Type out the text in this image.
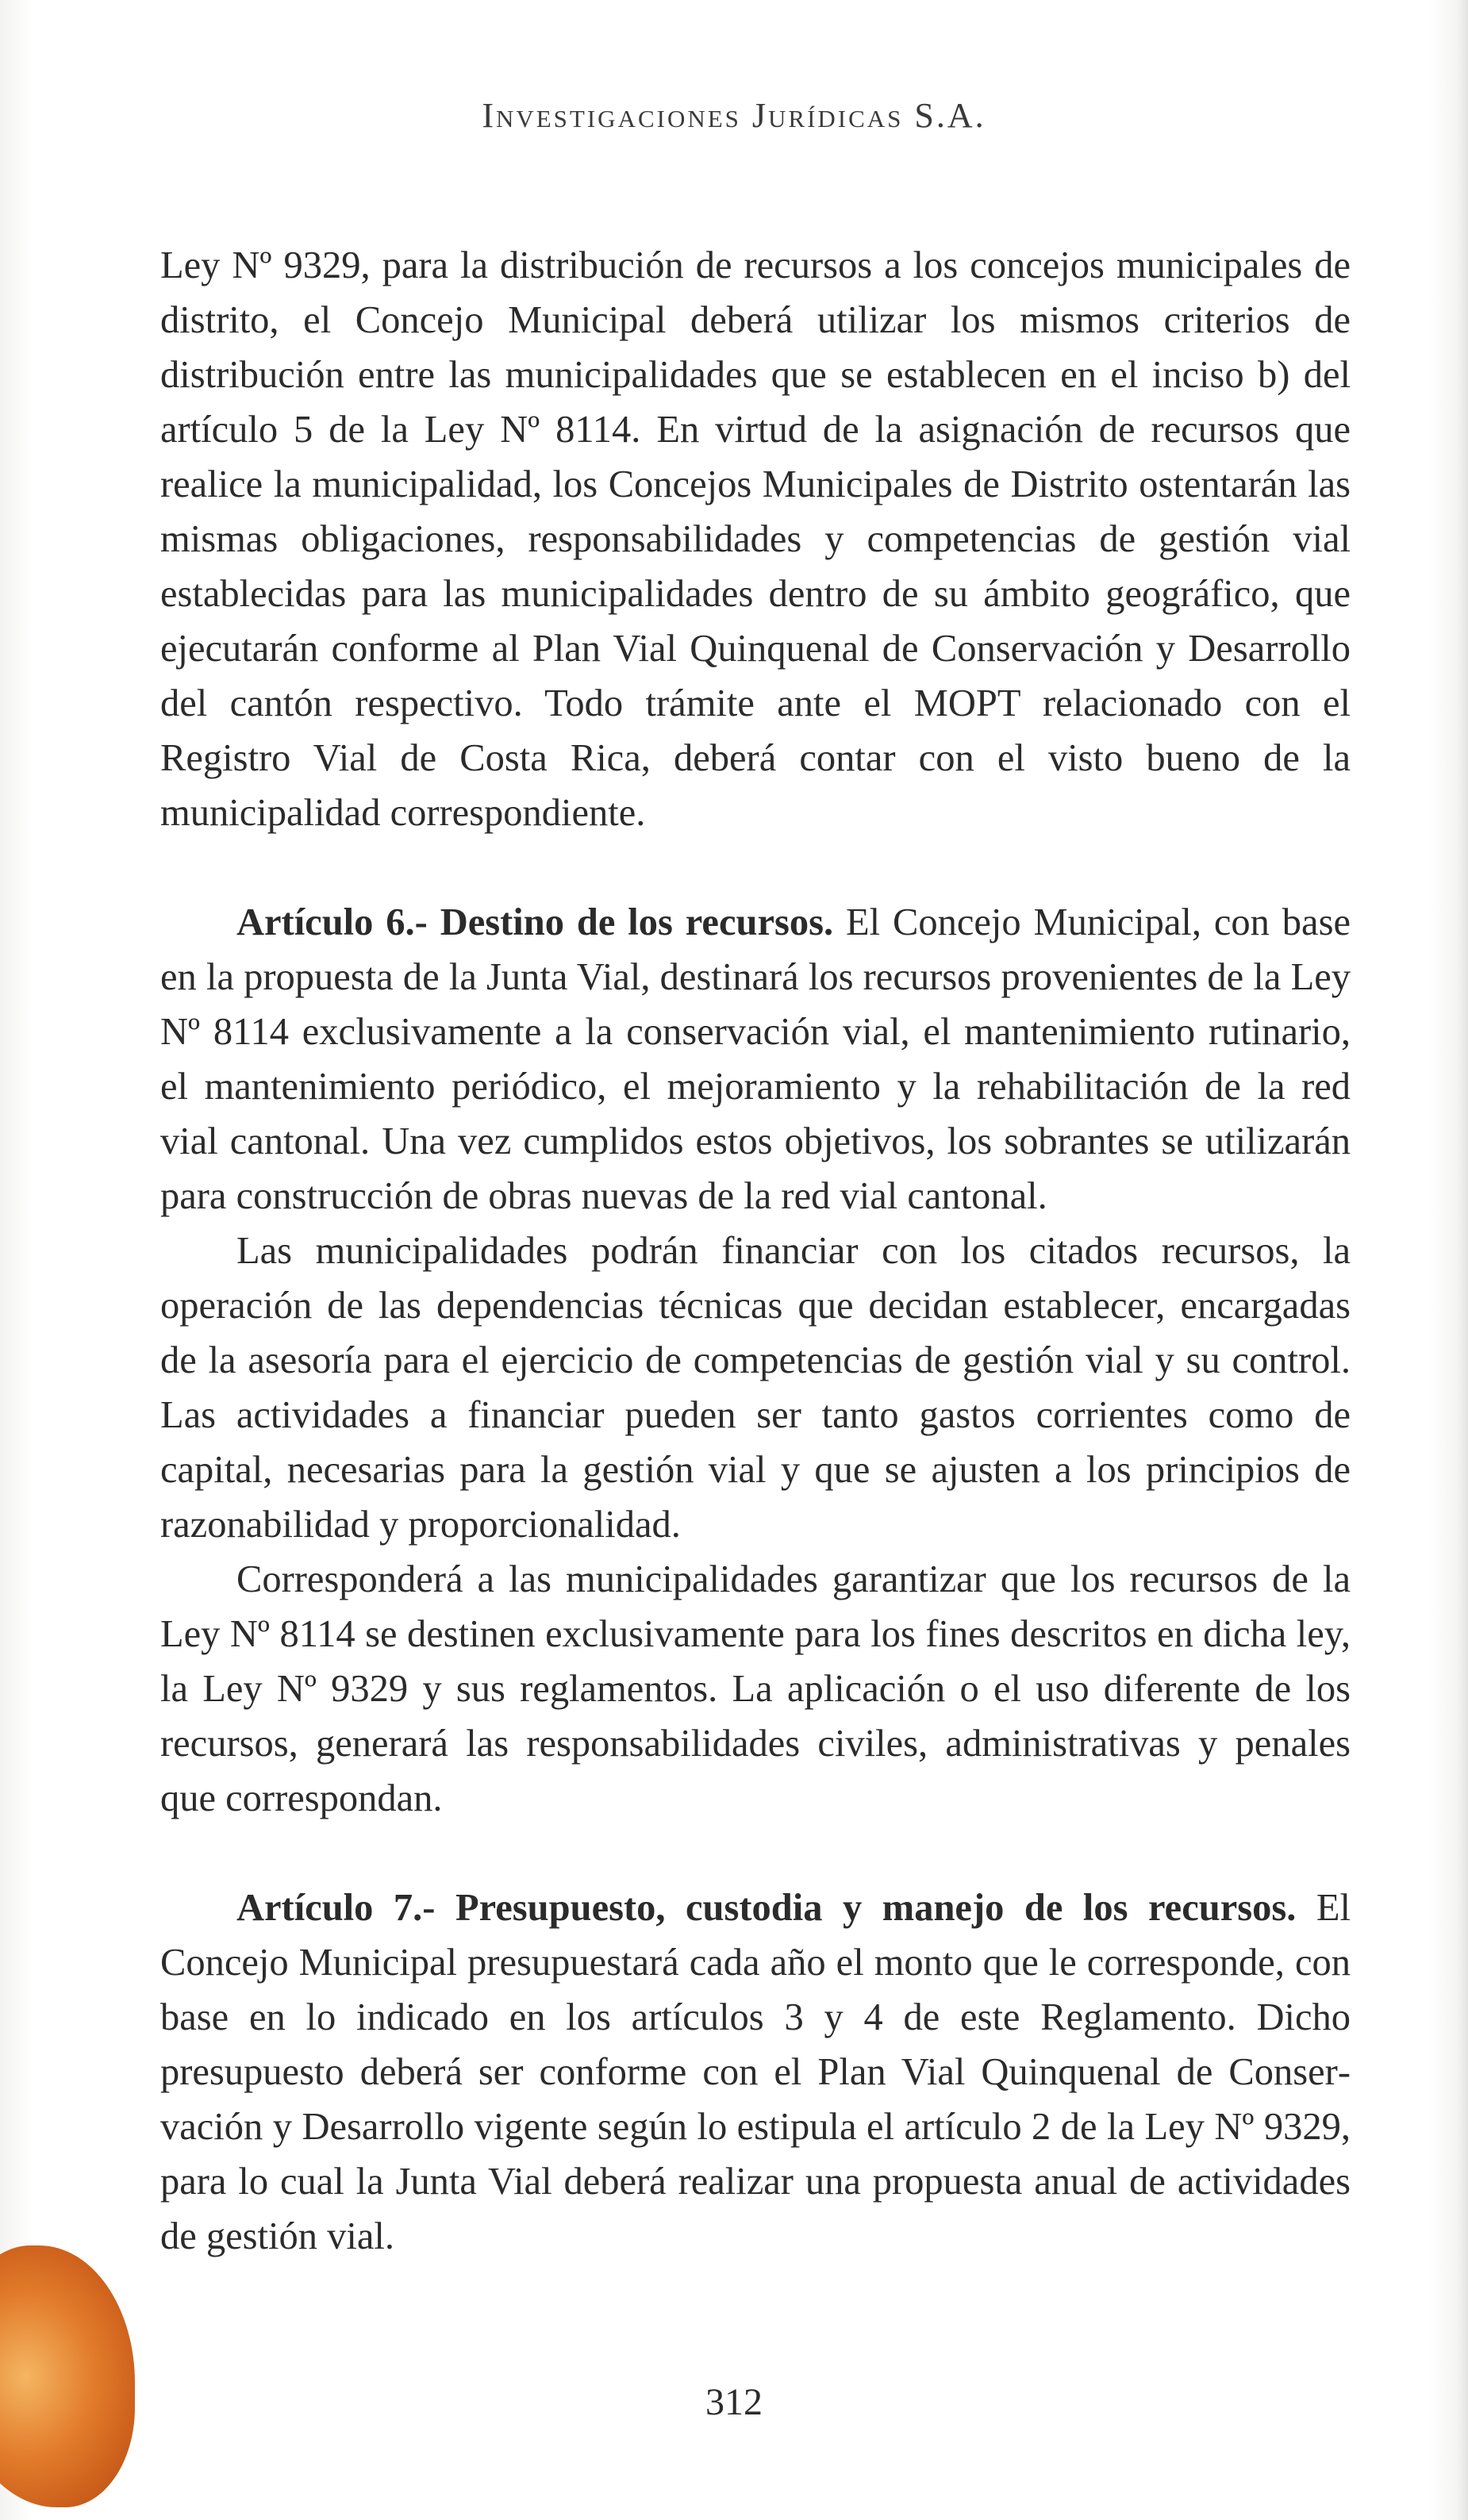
Investigaciones Jurídicas S.A.

Ley Nº 9329, para la distribución de recursos a los concejos municipales de distrito, el Concejo Municipal deberá utilizar los mismos criterios de distribución entre las municipalidades que se establecen en el inciso b) del artículo 5 de la Ley Nº 8114. En virtud de la asignación de recursos que realice la municipalidad, los Concejos Municipales de Distrito ostentarán las mismas obligaciones, responsabilidades y competencias de gestión vial establecidas para las municipalidades dentro de su ámbito geográfico, que ejecutarán conforme al Plan Vial Quinquenal de Conservación y Desarrollo del cantón respectivo. Todo trámite ante el MOPT relacionado con el Registro Vial de Costa Rica, deberá contar con el visto bueno de la municipalidad correspondiente.

Artículo 6.- Destino de los recursos. El Concejo Municipal, con base en la propuesta de la Junta Vial, destinará los recursos provenientes de la Ley Nº 8114 exclusivamente a la conservación vial, el mantenimiento rutinario, el mantenimiento periódico, el mejoramiento y la rehabilitación de la red vial cantonal. Una vez cumplidos estos objetivos, los sobrantes se utilizarán para construcción de obras nuevas de la red vial cantonal.

Las municipalidades podrán financiar con los citados recursos, la operación de las dependencias técnicas que decidan establecer, encargadas de la asesoría para el ejercicio de competencias de gestión vial y su control. Las actividades a financiar pueden ser tanto gastos corrientes como de capital, necesarias para la gestión vial y que se ajusten a los principios de razonabilidad y proporcionalidad.

Corresponderá a las municipalidades garantizar que los recursos de la Ley Nº 8114 se destinen exclusivamente para los fines descritos en dicha ley, la Ley Nº 9329 y sus reglamentos. La aplicación o el uso diferente de los recursos, generará las responsabilidades civiles, administrativas y penales que correspondan.

Artículo 7.- Presupuesto, custodia y manejo de los recursos. El Concejo Municipal presupuestará cada año el monto que le corresponde, con base en lo indicado en los artículos 3 y 4 de este Reglamento. Dicho presupuesto deberá ser conforme con el Plan Vial Quinquenal de Conservación y Desarrollo vigente según lo estipula el artículo 2 de la Ley Nº 9329, para lo cual la Junta Vial deberá realizar una propuesta anual de actividades de gestión vial.

312
